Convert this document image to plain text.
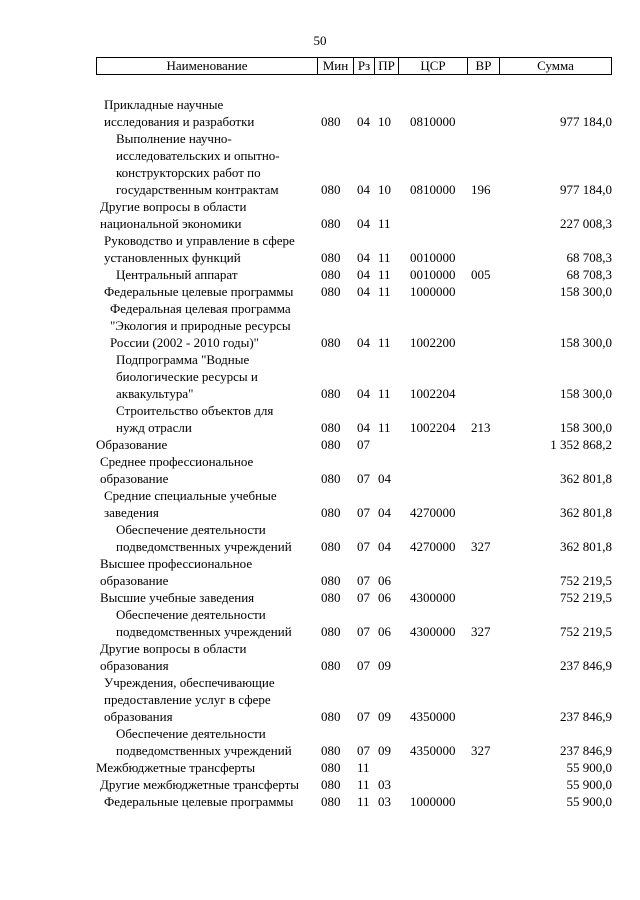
50
Наименование	Мин Рз ПР	ЦСР	ВР	Сумма
Прикладные научные
исследования и разработки	080	04 10	0810000	977 184,0
Выполнение научно-
исследовательских и опытно-
конструкторских работ по
государственным контрактам	080	04 10	0810000	196	977 184,0
Другие вопросы в области
национальной экономики	080	04 11	227 008,3
Руководство и управление в сфере
установленных функций	080	04 11	0010000	68 708,3
Центральный аппарат	080	04 11	0010000	005	68 708,3
Федеральные целевые программы	080	04 11	1000000	158 300,0
Федеральная целевая программа
"Экология и природные ресурсы
России (2002 - 2010 годы)"	080	04 11	1002200	158 300,0
Подпрограмма "Водные
биологические ресурсы и
аквакультура"	080	04 11	1002204	158 300,0
Строительство объектов для
нужд отрасли	080	04 11	1002204	213	158 300,0
Образование	080	07	1 352 868,2
Среднее профессиональное
образование	080	07 04	362 801,8
Средние специальные учебные
заведения	080	07 04	4270000	362 801,8
Обеспечение деятельности
подведомственных учреждений	080	07 04	4270000	327	362 801,8
Высшее профессиональное
образование	080	07 06	752 219,5
Высшие учебные заведения	080	07 06	4300000	752 219,5
Обеспечение деятельности
подведомственных учреждений	080	07 06	4300000	327	752 219,5
Другие вопросы в области
образования	080	07 09	237 846,9
Учреждения, обеспечивающие
предоставление услуг в сфере
образования	080	07 09	4350000	237 846,9
Обеспечение деятельности
подведомственных учреждений	080	07 09	4350000	327	237 846,9
Межбюджетные трансферты	080	11	55 900,0
Другие межбюджетные трансферты	080	11 03	55 900,0
Федеральные целевые программы	080	11 03	1000000	55 900,0
